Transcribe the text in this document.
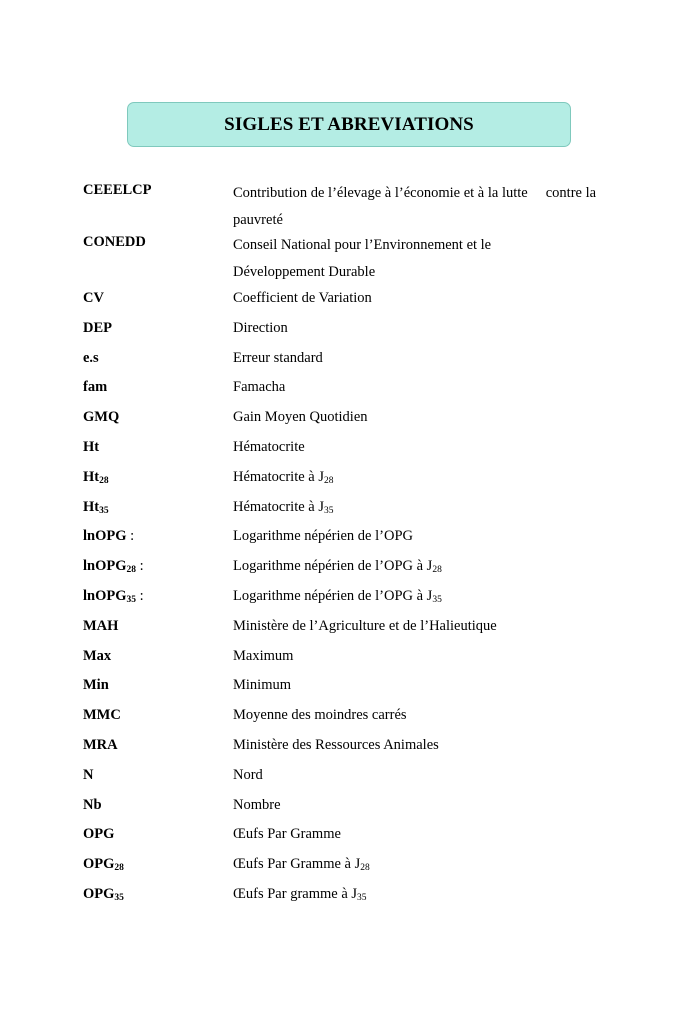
SIGLES ET ABREVIATIONS
CEEELCP	Contribution de l’élevage à l’économie et à la lutte contre la
pauvreté
CONEDD	Conseil National pour l’Environnement et le
Développement Durable
CV	Coefficient de Variation
DEP	Direction
e.s	Erreur standard
fam	Famacha
GMQ	Gain Moyen Quotidien
Ht	Hématocrite
$Ht_{28}$	Hématocrite à $J_{28}$
$Ht_{35}$	Hématocrite à $J_{35}$
lnOPG :	Logarithme népérien de l’OPG
lnOPG$_{28}$ :	Logarithme népérien de l’OPG à $J_{28}$
lnOPG$_{35}$ :	Logarithme népérien de l’OPG à $J_{35}$
MAH	Ministère de l’Agriculture et de l’Halieutique
Max	Maximum
Min	Minimum
MMC	Moyenne des moindres carrés
MRA	Ministère des Ressources Animales
N	Nord
Nb	Nombre
OPG	Œufs Par Gramme
$OPG_{28}$	Œufs Par Gramme à $J_{28}$
$OPG_{35}$	Œufs Par gramme à $J_{35}$
